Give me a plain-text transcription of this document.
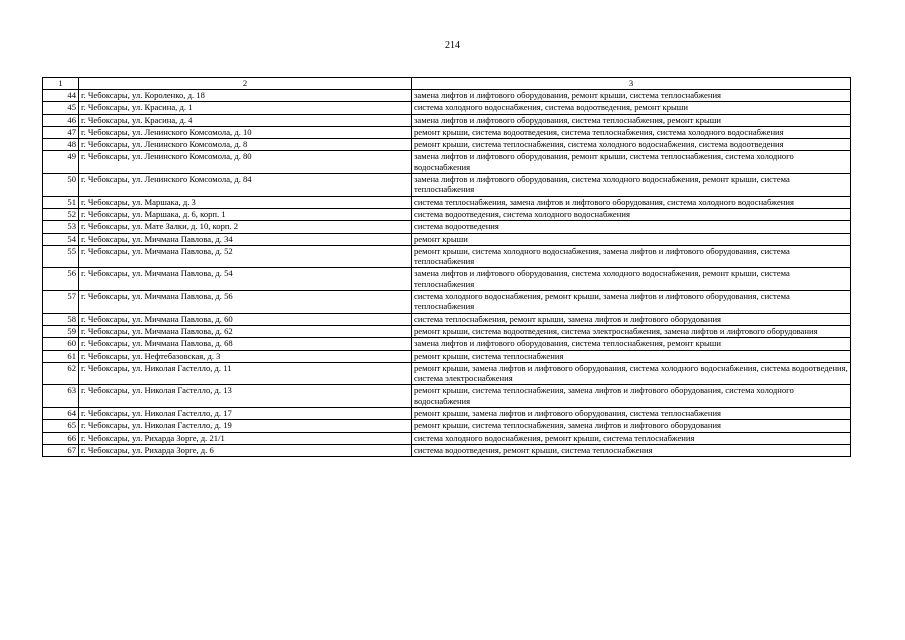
214
1	2	3
44	г. Чебоксары, ул. Короленко, д. 18	замена лифтов и лифтового оборудования, ремонт крыши, система теплоснабжения
45	г. Чебоксары, ул. Красина, д. 1	система холодного водоснабжения, система водоотведения, ремонт крыши
46	г. Чебоксары, ул. Красина, д. 4	замена лифтов и лифтового оборудования, система теплоснабжения, ремонт крыши
47	г. Чебоксары, ул. Ленинского Комсомола, д. 10	ремонт крыши, система водоотведения, система теплоснабжения, система холодного водоснабжения
48	г. Чебоксары, ул. Ленинского Комсомола, д. 8	ремонт крыши, система теплоснабжения, система холодного водоснабжения, система водоотведения
49	г. Чебоксары, ул. Ленинского Комсомола, д. 80	замена лифтов и лифтового оборудования, ремонт крыши, система теплоснабжения, система холодного водоснабжения
50	г. Чебоксары, ул. Ленинского Комсомола, д. 84	замена лифтов и лифтового оборудования, система холодного водоснабжения, ремонт крыши, система теплоснабжения
51	г. Чебоксары, ул. Маршака, д. 3	система теплоснабжения, замена лифтов и лифтового оборудования, система холодного водоснабжения
52	г. Чебоксары, ул. Маршака, д. 6, корп. 1	система водоотведения, система холодного водоснабжения
53	г. Чебоксары, ул. Мате Залки, д. 10, корп. 2	система водоотведения
54	г. Чебоксары, ул. Мичмана Павлова, д. 34	ремонт крыши
55	г. Чебоксары, ул. Мичмана Павлова, д. 52	ремонт крыши, система холодного водоснабжения, замена лифтов и лифтового оборудования, система теплоснабжения
56	г. Чебоксары, ул. Мичмана Павлова, д. 54	замена лифтов и лифтового оборудования, система холодного водоснабжения, ремонт крыши, система теплоснабжения
57	г. Чебоксары, ул. Мичмана Павлова, д. 56	система холодного водоснабжения, ремонт крыши, замена лифтов и лифтового оборудования, система теплоснабжения
58	г. Чебоксары, ул. Мичмана Павлова, д. 60	система теплоснабжения, ремонт крыши, замена лифтов и лифтового оборудования
59	г. Чебоксары, ул. Мичмана Павлова, д. 62	ремонт крыши, система водоотведения, система электроснабжения, замена лифтов и лифтового оборудования
60	г. Чебоксары, ул. Мичмана Павлова, д. 68	замена лифтов и лифтового оборудования, система теплоснабжения, ремонт крыши
61	г. Чебоксары, ул. Нефтебазовская, д. 3	ремонт крыши, система теплоснабжения
62	г. Чебоксары, ул. Николая Гастелло, д. 11	ремонт крыши, замена лифтов и лифтового оборудования, система холодного водоснабжения, система водоотведения, система электроснабжения
63	г. Чебоксары, ул. Николая Гастелло, д. 13	ремонт крыши, система теплоснабжения, замена лифтов и лифтового оборудования, система холодного водоснабжения
64	г. Чебоксары, ул. Николая Гастелло, д. 17	ремонт крыши, замена лифтов и лифтового оборудования, система теплоснабжения
65	г. Чебоксары, ул. Николая Гастелло, д. 19	ремонт крыши, система теплоснабжения, замена лифтов и лифтового оборудования
66	г. Чебоксары, ул. Рихарда Зорге, д. 21/1	система холодного водоснабжения, ремонт крыши, система теплоснабжения
67	г. Чебоксары, ул. Рихарда Зорге, д. 6	система водоотведения, ремонт крыши, система теплоснабжения
